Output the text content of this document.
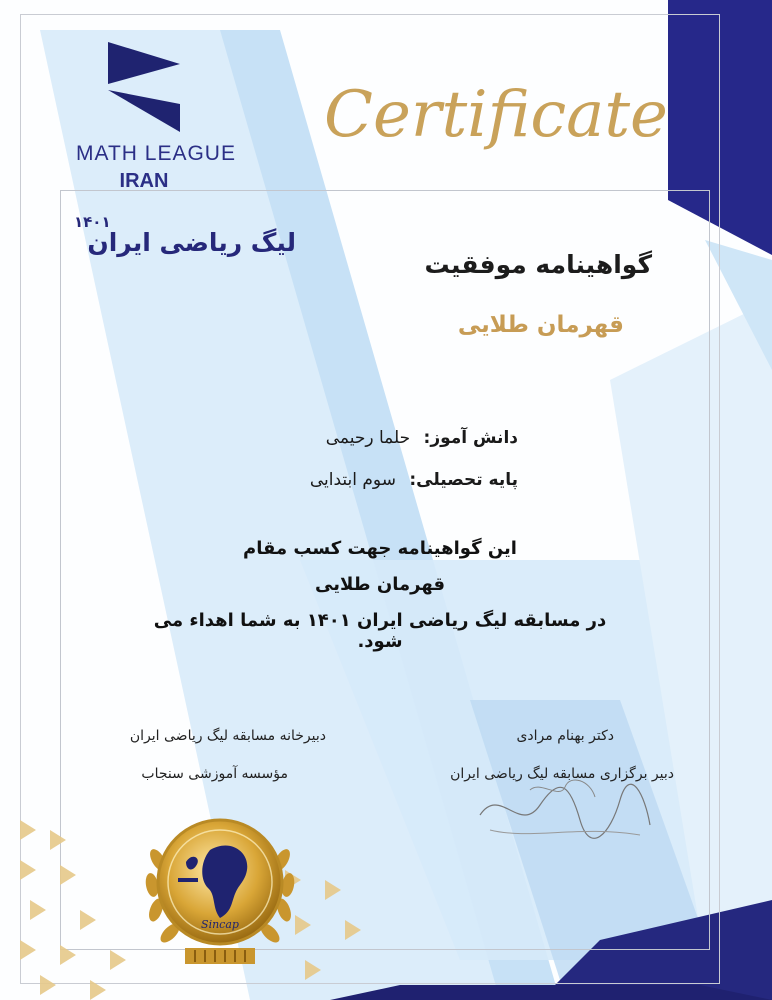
MATH LEAGUE
IRAN
۱۴۰۱
لیگ ریاضی ایران
Certificate
گواهینامه موفقیت
قهرمان طلایی
دانش آموز: حلما رحیمی
پایه تحصیلی: سوم ابتدایی
این گواهینامه جهت کسب مقام
قهرمان طلایی
در مسابقه لیگ ریاضی ایران ۱۴۰۱ به شما اهداء می شود.
دکتر بهنام مرادی
دبیر برگزاری مسابقه لیگ ریاضی ایران
دبیرخانه مسابقه لیگ ریاضی ایران
مؤسسه آموزشی سنجاب
Sincap
